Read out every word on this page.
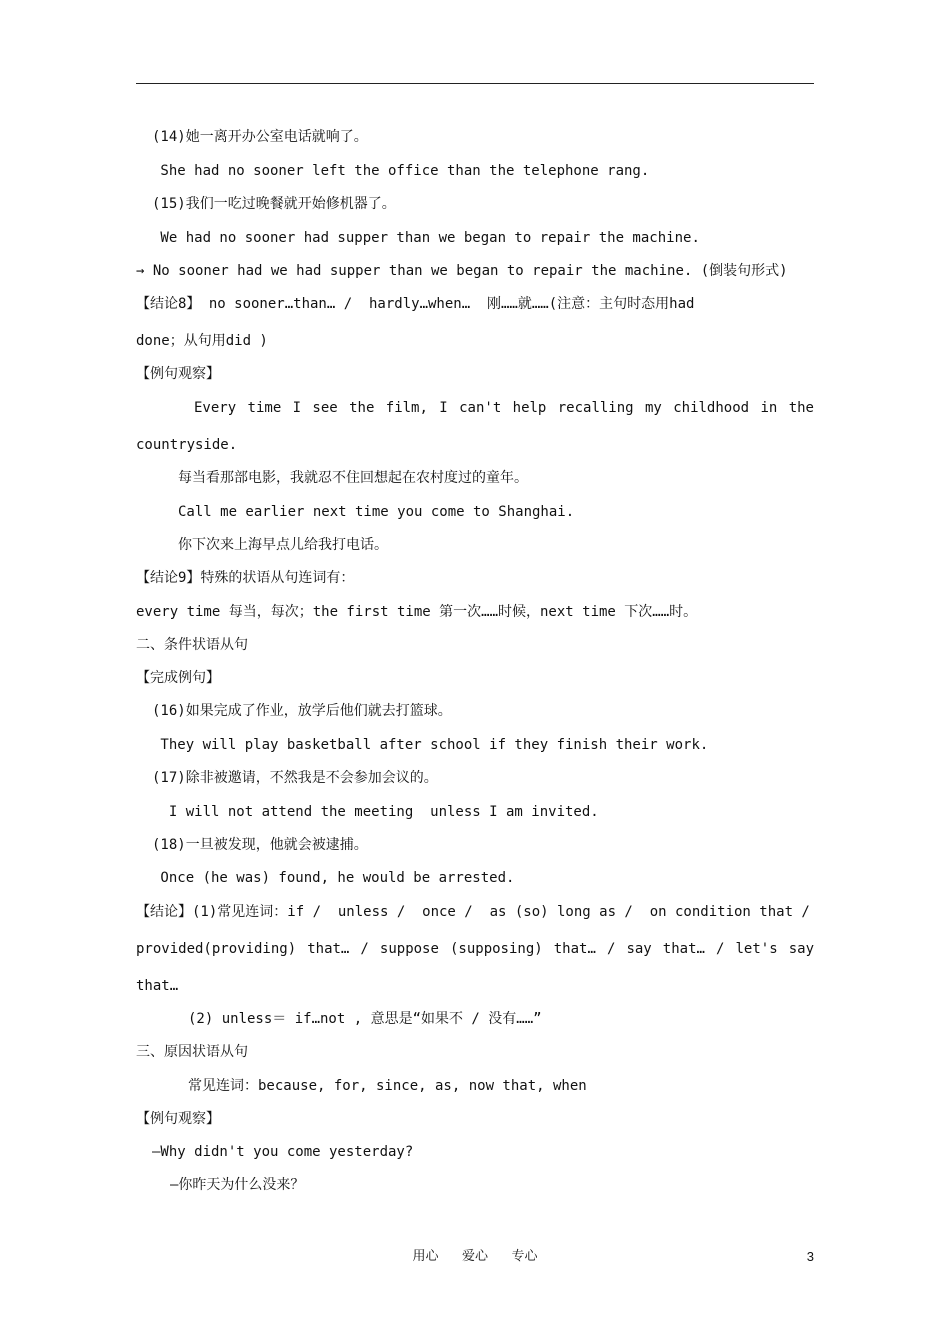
(14)她一离开办公室电话就响了。
She had no sooner left the office than the telephone rang.
(15)我们一吃过晚餐就开始修机器了。
We had no sooner had supper than we began to repair the machine.
→ No sooner had we had supper than we began to repair the machine. (倒装句形式)
【结论8】 no sooner…than… /  hardly…when…  刚……就……(注意：主句时态用had
done；从句用did )
【例句观察】
Every time I see the film, I can't help recalling my childhood in the
countryside.
每当看那部电影，我就忍不住回想起在农村度过的童年。
Call me earlier next time you come to Shanghai.
你下次来上海早点儿给我打电话。
【结论9】特殊的状语从句连词有：
every time 每当，每次；the first time 第一次……时候，next time 下次……时。
二、条件状语从句
【完成例句】
(16)如果完成了作业，放学后他们就去打篮球。
They will play basketball after school if they finish their work.
(17)除非被邀请，不然我是不会参加会议的。
I will not attend the meeting  unless I am invited.
(18)一旦被发现，他就会被逮捕。
Once (he was) found, he would be arrested.
【结论】(1)常见连词：if /  unless /  once /  as (so) long as /  on condition that /
provided(providing) that… / suppose (supposing) that… / say that… / let's say
that…
(2) unless＝ if…not , 意思是“如果不 / 没有……”
三、原因状语从句
常见连词：because, for, since, as, now that, when
【例句观察】
—Why didn't you come yesterday?
—你昨天为什么没来？
用心   爱心   专心	3
